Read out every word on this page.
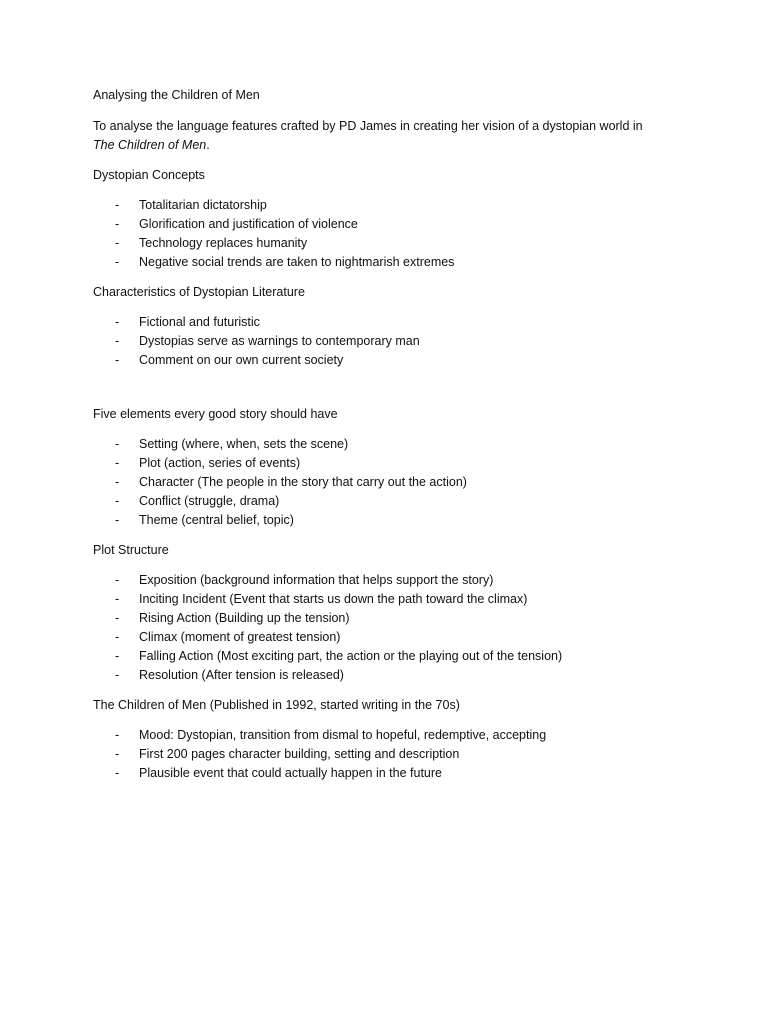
Analysing the Children of Men

To analyse the language features crafted by PD James in creating her vision of a dystopian world in
The Children of Men.

Dystopian Concepts

- Totalitarian dictatorship
- Glorification and justification of violence
- Technology replaces humanity
- Negative social trends are taken to nightmarish extremes

Characteristics of Dystopian Literature

- Fictional and futuristic
- Dystopias serve as warnings to contemporary man
- Comment on our own current society

Five elements every good story should have

- Setting (where, when, sets the scene)
- Plot (action, series of events)
- Character (The people in the story that carry out the action)
- Conflict (struggle, drama)
- Theme (central belief, topic)

Plot Structure

- Exposition (background information that helps support the story)
- Inciting Incident (Event that starts us down the path toward the climax)
- Rising Action (Building up the tension)
- Climax (moment of greatest tension)
- Falling Action (Most exciting part, the action or the playing out of the tension)
- Resolution (After tension is released)

The Children of Men (Published in 1992, started writing in the 70s)

- Mood: Dystopian, transition from dismal to hopeful, redemptive, accepting
- First 200 pages character building, setting and description
- Plausible event that could actually happen in the future
